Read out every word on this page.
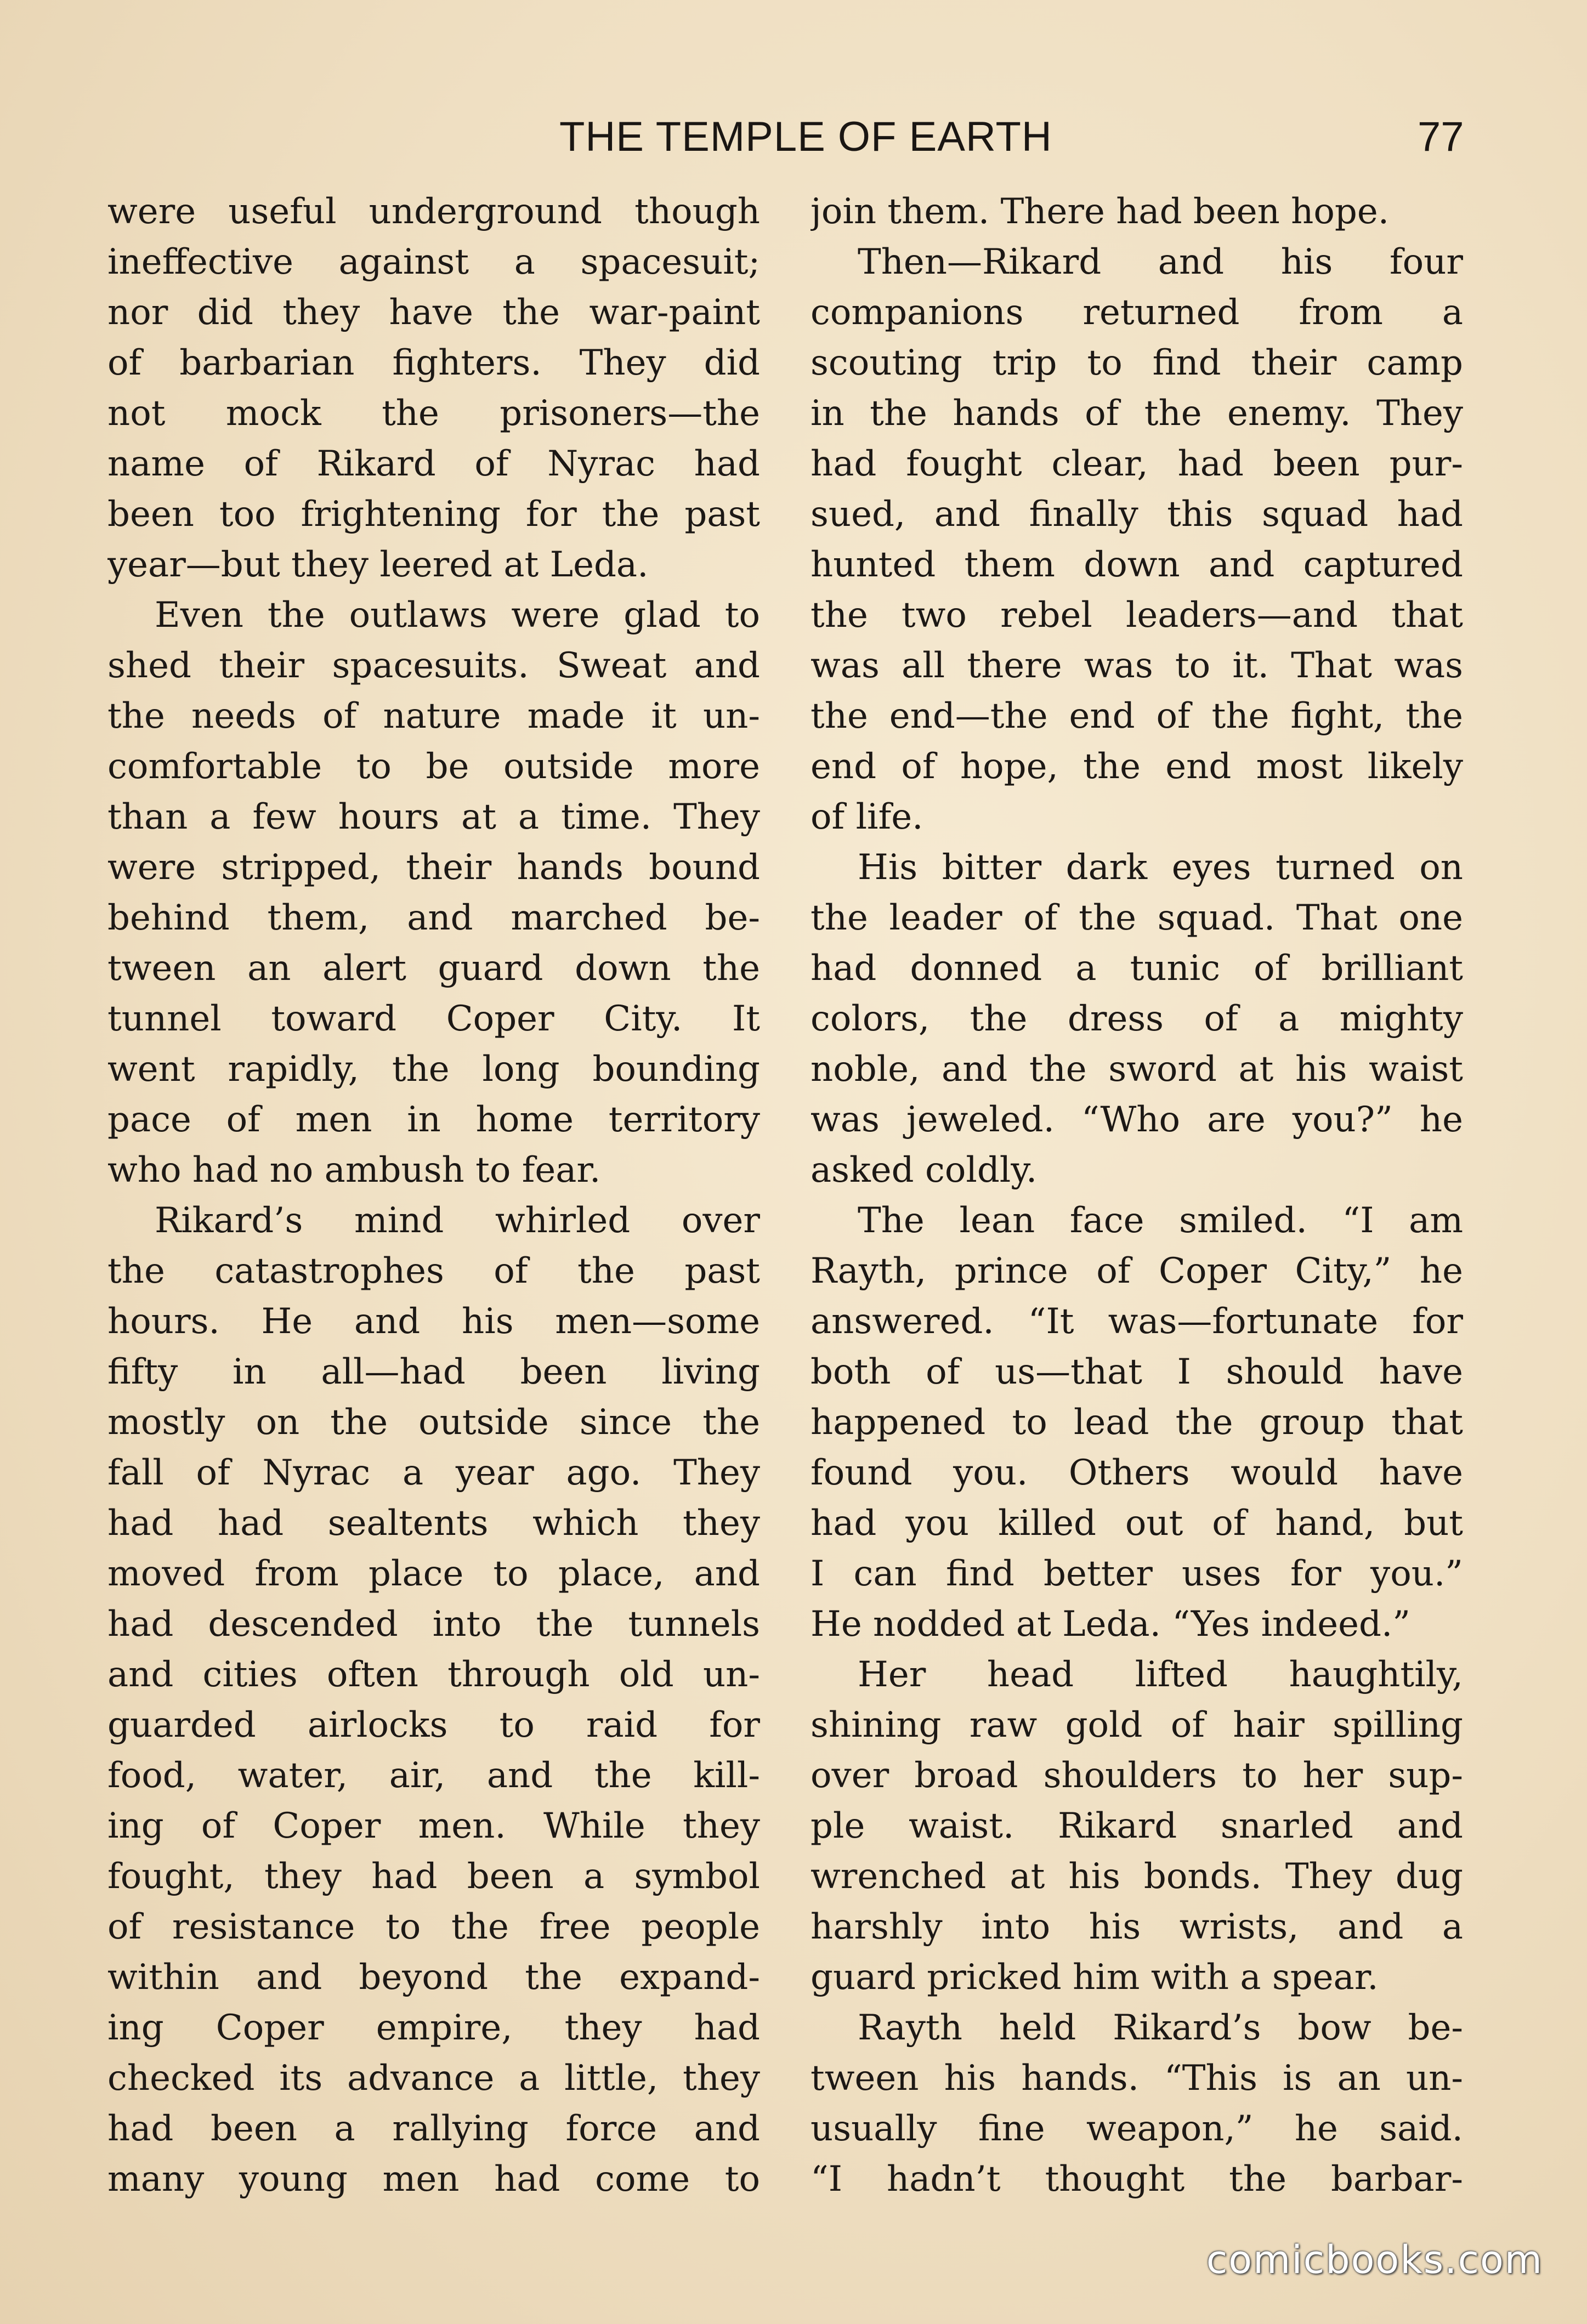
THE TEMPLE OF EARTH	77
were useful underground though
ineffective against a spacesuit;
nor did they have the war-paint
of barbarian fighters. They did
not mock the prisoners—the
name of Rikard of Nyrac had
been too frightening for the past
year—but they leered at Leda.
Even the outlaws were glad to
shed their spacesuits. Sweat and
the needs of nature made it un-
comfortable to be outside more
than a few hours at a time. They
were stripped, their hands bound
behind them, and marched be-
tween an alert guard down the
tunnel toward Coper City. It
went rapidly, the long bounding
pace of men in home territory
who had no ambush to fear.
Rikard’s mind whirled over
the catastrophes of the past
hours. He and his men—some
fifty in all—had been living
mostly on the outside since the
fall of Nyrac a year ago. They
had had sealtents which they
moved from place to place, and
had descended into the tunnels
and cities often through old un-
guarded airlocks to raid for
food, water, air, and the kill-
ing of Coper men. While they
fought, they had been a symbol
of resistance to the free people
within and beyond the expand-
ing Coper empire, they had
checked its advance a little, they
had been a rallying force and
many young men had come to
join them. There had been hope.
Then—Rikard and his four
companions returned from a
scouting trip to find their camp
in the hands of the enemy. They
had fought clear, had been pur-
sued, and finally this squad had
hunted them down and captured
the two rebel leaders—and that
was all there was to it. That was
the end—the end of the fight, the
end of hope, the end most likely
of life.
His bitter dark eyes turned on
the leader of the squad. That one
had donned a tunic of brilliant
colors, the dress of a mighty
noble, and the sword at his waist
was jeweled. “Who are you?” he
asked coldly.
The lean face smiled. “I am
Rayth, prince of Coper City,” he
answered. “It was—fortunate for
both of us—that I should have
happened to lead the group that
found you. Others would have
had you killed out of hand, but
I can find better uses for you.”
He nodded at Leda. “Yes indeed.”
Her head lifted haughtily,
shining raw gold of hair spilling
over broad shoulders to her sup-
ple waist. Rikard snarled and
wrenched at his bonds. They dug
harshly into his wrists, and a
guard pricked him with a spear.
Rayth held Rikard’s bow be-
tween his hands. “This is an un-
usually fine weapon,” he said.
“I hadn’t thought the barbar-
comicbooks.com
